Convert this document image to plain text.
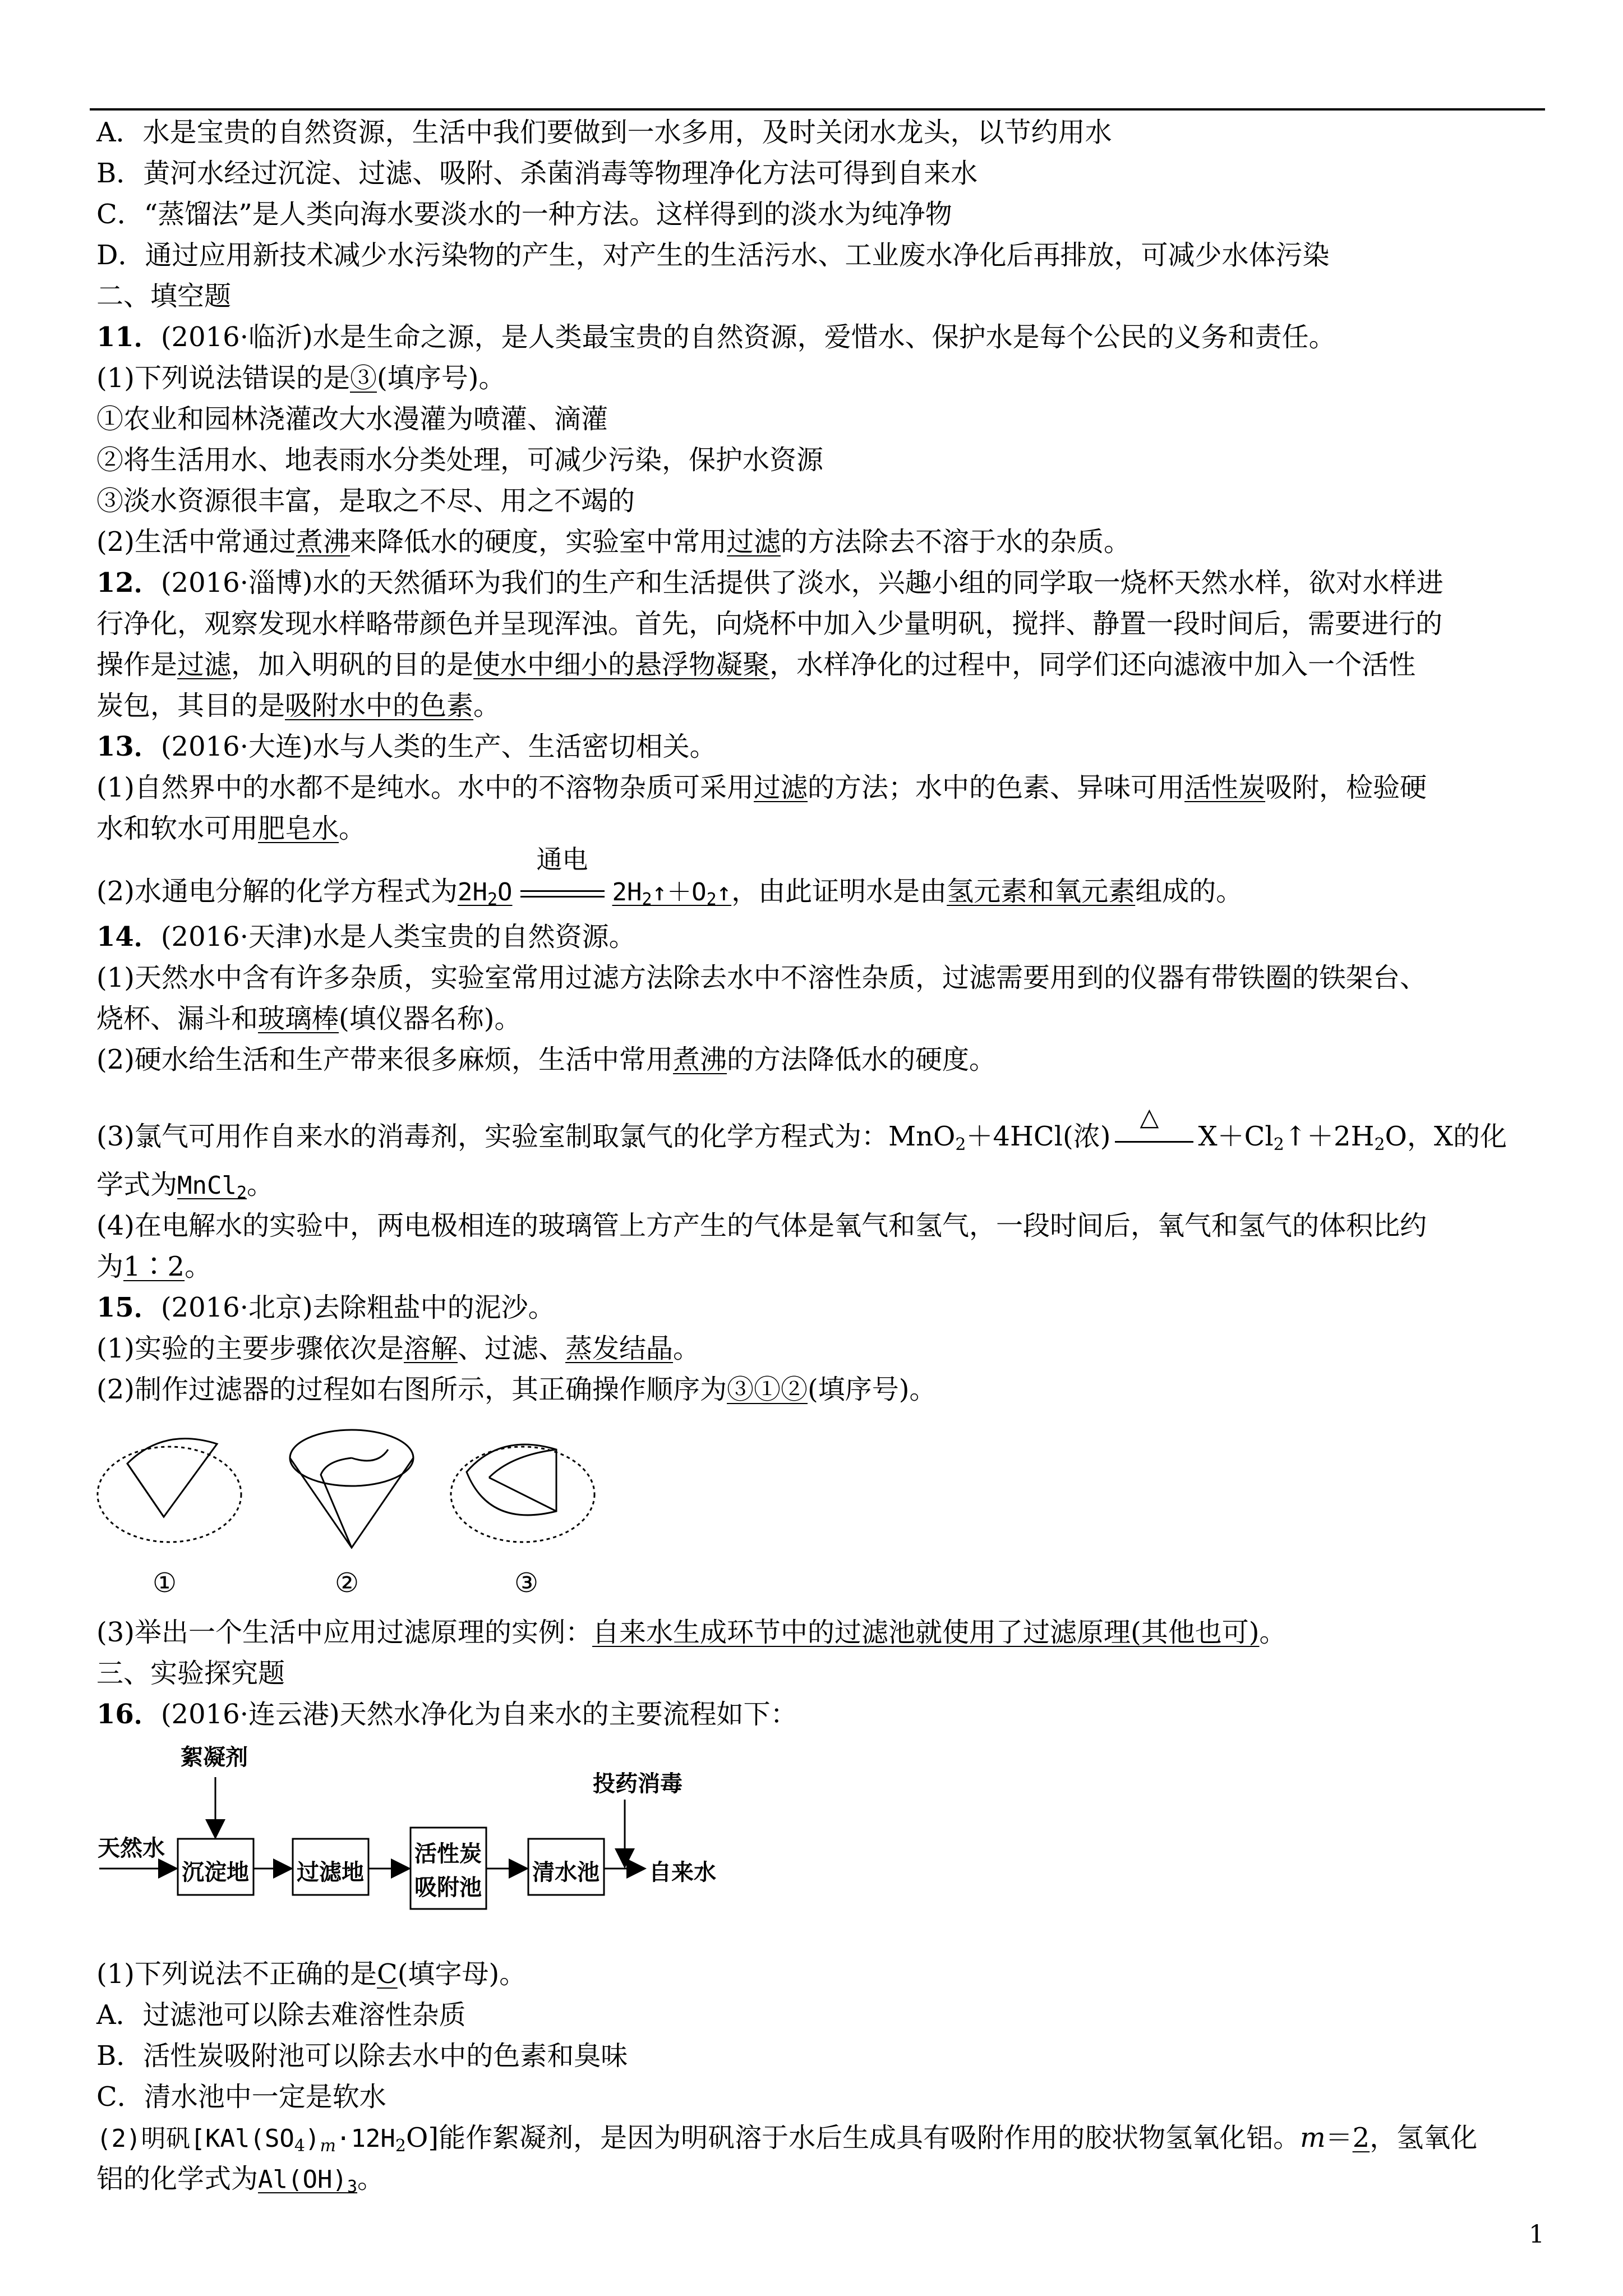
A．水是宝贵的自然资源，生活中我们要做到一水多用，及时关闭水龙头，以节约用水
B．黄河水经过沉淀、过滤、吸附、杀菌消毒等物理净化方法可得到自来水
C．“蒸馏法”是人类向海水要淡水的一种方法。这样得到的淡水为纯净物
D．通过应用新技术减少水污染物的产生，对产生的生活污水、工业废水净化后再排放，可减少水体污染
二、填空题
11．(2016·临沂)水是生命之源，是人类最宝贵的自然资源，爱惜水、保护水是每个公民的义务和责任。
(1)下列说法错误的是③(填序号)。
①农业和园林浇灌改大水漫灌为喷灌、滴灌
②将生活用水、地表雨水分类处理，可减少污染，保护水资源
③淡水资源很丰富，是取之不尽、用之不竭的
(2)生活中常通过煮沸来降低水的硬度，实验室中常用过滤的方法除去不溶于水的杂质。
12．(2016·淄博)水的天然循环为我们的生产和生活提供了淡水，兴趣小组的同学取一烧杯天然水样，欲对水样进
行净化，观察发现水样略带颜色并呈现浑浊。首先，向烧杯中加入少量明矾，搅拌、静置一段时间后，需要进行的
操作是过滤，加入明矾的目的是使水中细小的悬浮物凝聚，水样净化的过程中，同学们还向滤液中加入一个活性
炭包，其目的是吸附水中的色素。
13．(2016·大连)水与人类的生产、生活密切相关。
(1)自然界中的水都不是纯水。水中的不溶物杂质可采用过滤的方法；水中的色素、异味可用活性炭吸附，检验硬
水和软水可用肥皂水。
(2)水通电分解的化学方程式为$2H_2O$
通电
$2H_2↑+O_2↑$，由此证明水是由氢元素和氧元素组成的。
14．(2016·天津)水是人类宝贵的自然资源。
(1)天然水中含有许多杂质，实验室常用过滤方法除去水中不溶性杂质，过滤需要用到的仪器有带铁圈的铁架台、
烧杯、漏斗和玻璃棒(填仪器名称)。
(2)硬水给生活和生产带来很多麻烦，生活中常用煮沸的方法降低水的硬度。
(3)氯气可用作自来水的消毒剂，实验室制取氯气的化学方程式为：MnO$_2$＋4HCl(浓)
△
$X+Cl_2↑+2H_2O$，X的化
学式为MnCl$_2$。
(4)在电解水的实验中，两电极相连的玻璃管上方产生的气体是氧气和氢气，一段时间后，氧气和氢气的体积比约
为1∶2。
15．(2016·北京)去除粗盐中的泥沙。
(1)实验的主要步骤依次是溶解、过滤、蒸发结晶。
(2)制作过滤器的过程如右图所示，其正确操作顺序为③①②(填序号)。
①	②	③
(3)举出一个生活中应用过滤原理的实例：自来水生成环节中的过滤池就使用了过滤原理(其他也可)。
三、实验探究题
16．(2016·连云港)天然水净化为自来水的主要流程如下：
天然水
絮凝剂
沉淀地 过滤地
活性炭
吸附池
清水池
投药消毒
自来水
(1)下列说法不正确的是C(填字母)。
A．过滤池可以除去难溶性杂质
B．活性炭吸附池可以除去水中的色素和臭味
C．清水池中一定是软水
(2)明矾$[KAl(SO_4)_m\cdot 12H_2O]$能作絮凝剂，是因为明矾溶于水后生成具有吸附作用的胶状物氢氧化铝。m＝2，氢氧化
铝的化学式为$Al(OH)_3$。
1
